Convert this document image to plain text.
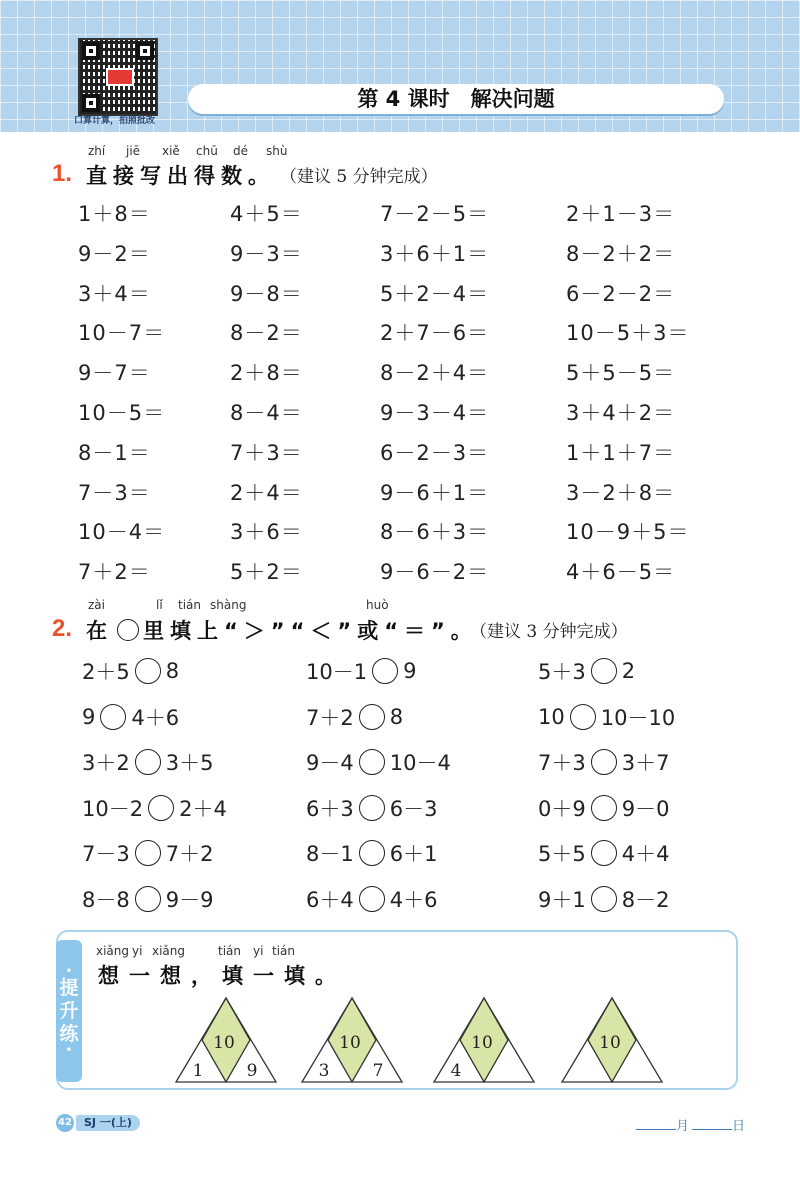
口算计算，拍照批改
第 4 课时　解决问题
zhí jiē xiě chū dé shù
1. 直接写出得数。 （建议 5 分钟完成）
1＋8＝	4＋5＝	7－2－5＝	2＋1－3＝
9－2＝	9－3＝	3＋6＋1＝	8－2＋2＝
3＋4＝	9－8＝	5＋2－4＝	6－2－2＝
10－7＝	8－2＝	2＋7－6＝	10－5＋3＝
9－7＝	2＋8＝	8－2＋4＝	5＋5－5＝
10－5＝	8－4＝	9－3－4＝	3＋4＋2＝
8－1＝	7＋3＝	6－2－3＝	1＋1＋7＝
7－3＝	2＋4＝	9－6＋1＝	3－2＋8＝
10－4＝	3＋6＝	8－6＋3＝	10－9＋5＝
7＋2＝	5＋2＝	9－6－2＝	4＋6－5＝
zài	lǐ tián shàng	huò
2. 在 里填上“＞”“＜”或“＝”。
（建议 3 分钟完成）
2＋5 8	10－1 9	5＋3 2
9 4＋6	7＋2 8	10 10－10
3＋2 3＋5	9－4 10－4	7＋3 3＋7
10－2 2＋4	6＋3 6－3	0＋9 9－0
7－3 7＋2	8－1 6＋1	5＋5 4＋4
8－8 9－9	6＋4 4＋6	9＋1 8－2
•
提
升
练
•
xiǎng yi xiǎng	tián yi tián
想一想，填一填。
10
1	9
10
3	7
10
4
10
42	SJ 一(上)	月	日
